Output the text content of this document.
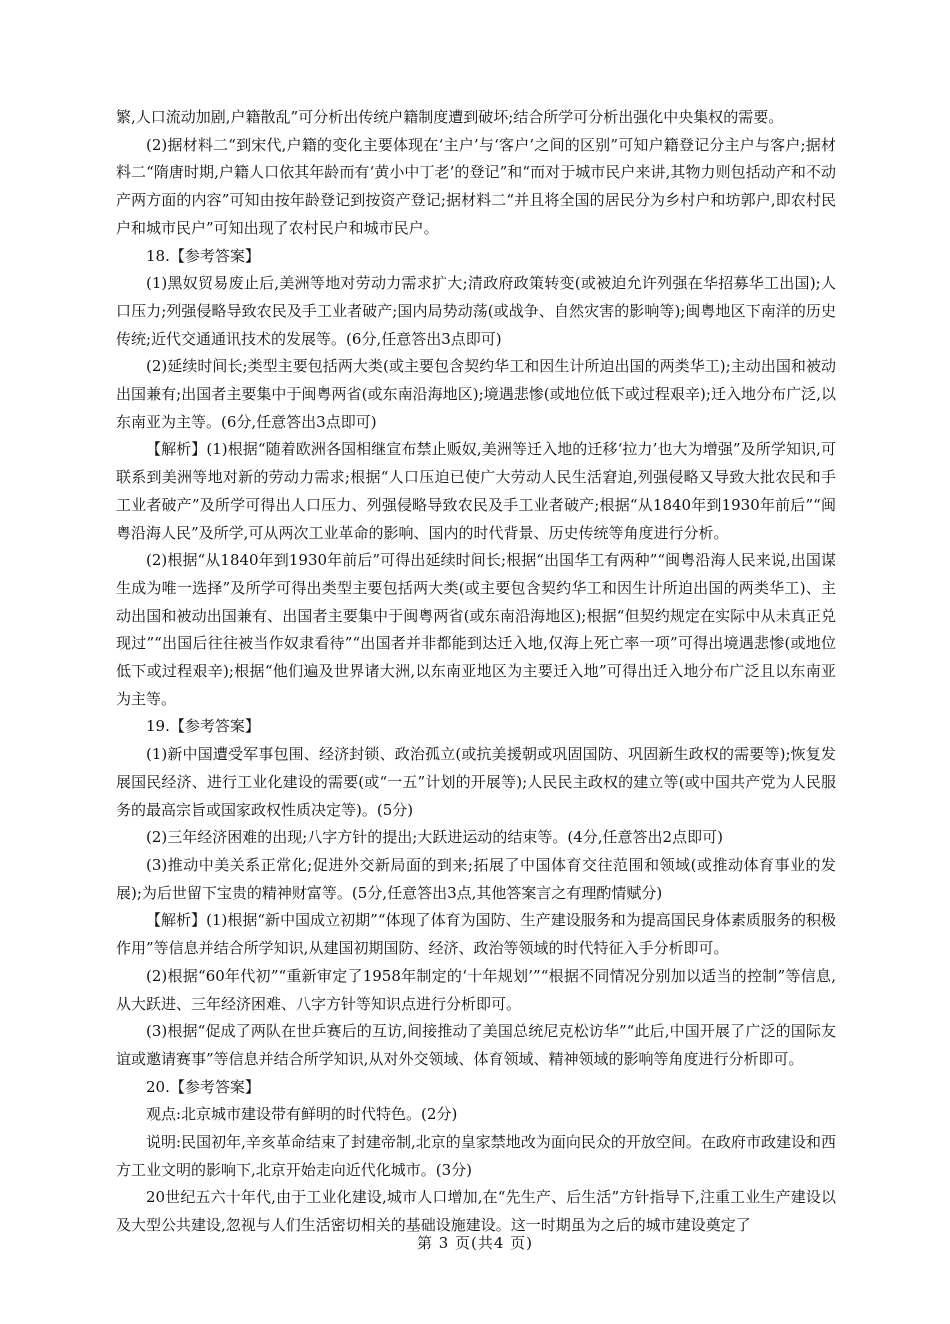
繁,人口流动加剧,户籍散乱”可分析出传统户籍制度遭到破坏;结合所学可分析出强化中央集权的需要。

(2)据材料二“到宋代,户籍的变化主要体现在‘主户’与‘客户’之间的区别”可知户籍登记分主户与客户;据材料二“隋唐时期,户籍人口依其年龄而有‘黄小中丁老’的登记”和“而对于城市民户来讲,其物力则包括动产和不动产两方面的内容”可知由按年龄登记到按资产登记;据材料二“并且将全国的居民分为乡村户和坊郭户,即农村民户和城市民户”可知出现了农村民户和城市民户。

18.【参考答案】

(1)黑奴贸易废止后,美洲等地对劳动力需求扩大;清政府政策转变(或被迫允许列强在华招募华工出国);人口压力;列强侵略导致农民及手工业者破产;国内局势动荡(或战争、自然灾害的影响等);闽粤地区下南洋的历史传统;近代交通通讯技术的发展等。(6分,任意答出3点即可)

(2)延续时间长;类型主要包括两大类(或主要包含契约华工和因生计所迫出国的两类华工);主动出国和被动出国兼有;出国者主要集中于闽粤两省(或东南沿海地区);境遇悲惨(或地位低下或过程艰辛);迁入地分布广泛,以东南亚为主等。(6分,任意答出3点即可)

【解析】(1)根据“随着欧洲各国相继宣布禁止贩奴,美洲等迁入地的迁移‘拉力’也大为增强”及所学知识,可联系到美洲等地对新的劳动力需求;根据“人口压迫已使广大劳动人民生活窘迫,列强侵略又导致大批农民和手工业者破产”及所学可得出人口压力、列强侵略导致农民及手工业者破产;根据“从1840年到1930年前后”“闽粤沿海人民”及所学,可从两次工业革命的影响、国内的时代背景、历史传统等角度进行分析。

(2)根据“从1840年到1930年前后”可得出延续时间长;根据“出国华工有两种”“闽粤沿海人民来说,出国谋生成为唯一选择”及所学可得出类型主要包括两大类(或主要包含契约华工和因生计所迫出国的两类华工)、主动出国和被动出国兼有、出国者主要集中于闽粤两省(或东南沿海地区);根据“但契约规定在实际中从未真正兑现过”“出国后往往被当作奴隶看待”“出国者并非都能到达迁入地,仅海上死亡率一项”可得出境遇悲惨(或地位低下或过程艰辛);根据“他们遍及世界诸大洲,以东南亚地区为主要迁入地”可得出迁入地分布广泛且以东南亚为主等。

19.【参考答案】

(1)新中国遭受军事包围、经济封锁、政治孤立(或抗美援朝或巩固国防、巩固新生政权的需要等);恢复发展国民经济、进行工业化建设的需要(或“一五”计划的开展等);人民民主政权的建立等(或中国共产党为人民服务的最高宗旨或国家政权性质决定等)。(5分)

(2)三年经济困难的出现;八字方针的提出;大跃进运动的结束等。(4分,任意答出2点即可)

(3)推动中美关系正常化;促进外交新局面的到来;拓展了中国体育交往范围和领域(或推动体育事业的发展);为后世留下宝贵的精神财富等。(5分,任意答出3点,其他答案言之有理酌情赋分)

【解析】(1)根据“新中国成立初期”“体现了体育为国防、生产建设服务和为提高国民身体素质服务的积极作用”等信息并结合所学知识,从建国初期国防、经济、政治等领域的时代特征入手分析即可。

(2)根据“60年代初”“重新审定了1958年制定的‘十年规划’”“根据不同情况分别加以适当的控制”等信息,从大跃进、三年经济困难、八字方针等知识点进行分析即可。

(3)根据“促成了两队在世乒赛后的互访,间接推动了美国总统尼克松访华”“此后,中国开展了广泛的国际友谊或邀请赛事”等信息并结合所学知识,从对外交领域、体育领域、精神领域的影响等角度进行分析即可。

20.【参考答案】

观点:北京城市建设带有鲜明的时代特色。(2分)

说明:民国初年,辛亥革命结束了封建帝制,北京的皇家禁地改为面向民众的开放空间。在政府市政建设和西方工业文明的影响下,北京开始走向近代化城市。(3分)

20世纪五六十年代,由于工业化建设,城市人口增加,在“先生产、后生活”方针指导下,注重工业生产建设以及大型公共建设,忽视与人们生活密切相关的基础设施建设。这一时期虽为之后的城市建设奠定了

第 3 页(共4 页)
